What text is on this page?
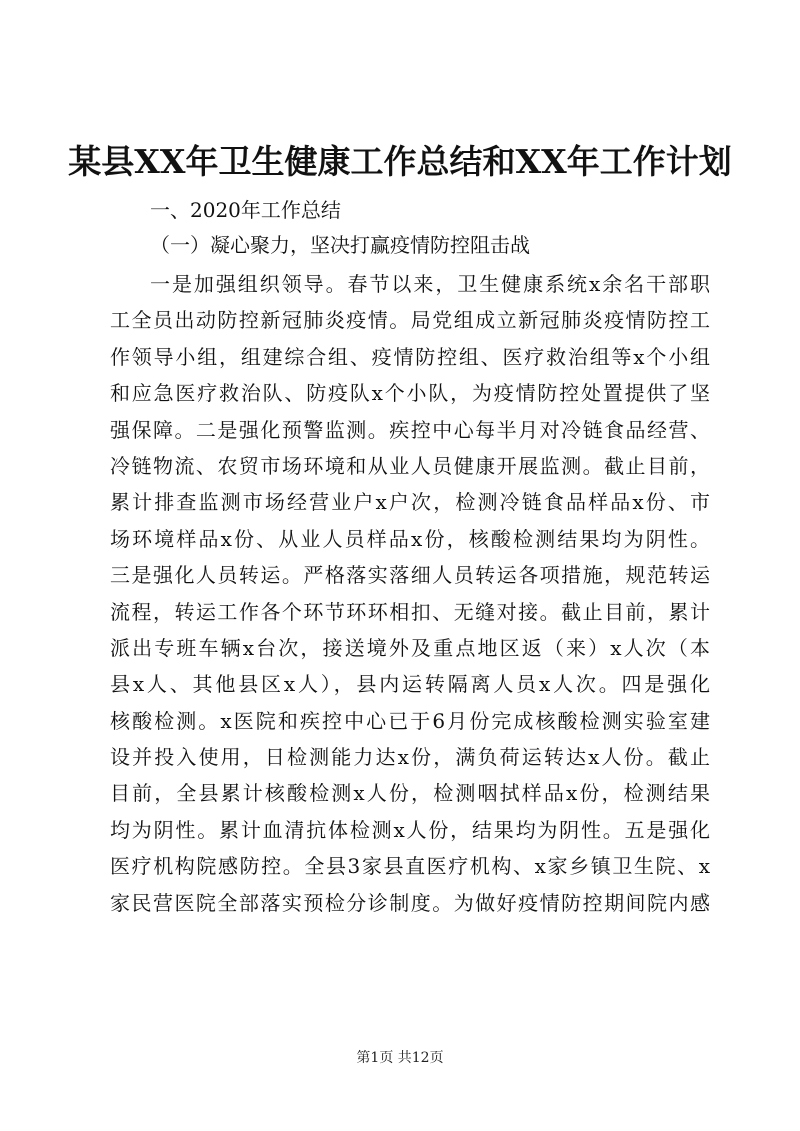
某县XX年卫生健康工作总结和XX年工作计划
一、2020年工作总结
（一）凝心聚力，坚决打赢疫情防控阻击战
一是加强组织领导。春节以来，卫生健康系统x余名干部职
工全员出动防控新冠肺炎疫情。局党组成立新冠肺炎疫情防控工
作领导小组，组建综合组、疫情防控组、医疗救治组等x个小组
和应急医疗救治队、防疫队x个小队，为疫情防控处置提供了坚
强保障。二是强化预警监测。疾控中心每半月对冷链食品经营、
冷链物流、农贸市场环境和从业人员健康开展监测。截止目前，
累计排查监测市场经营业户x户次，检测冷链食品样品x份、市
场环境样品x份、从业人员样品x份，核酸检测结果均为阴性。
三是强化人员转运。严格落实落细人员转运各项措施，规范转运
流程，转运工作各个环节环环相扣、无缝对接。截止目前，累计
派出专班车辆x台次，接送境外及重点地区返（来）x人次（本
县x人、其他县区x人），县内运转隔离人员x人次。四是强化
核酸检测。x医院和疾控中心已于6月份完成核酸检测实验室建
设并投入使用，日检测能力达x份，满负荷运转达x人份。截止
目前，全县累计核酸检测x人份，检测咽拭样品x份，检测结果
均为阴性。累计血清抗体检测x人份，结果均为阴性。五是强化
医疗机构院感防控。全县3家县直医疗机构、x家乡镇卫生院、x
家民营医院全部落实预检分诊制度。为做好疫情防控期间院内感
第1页 共12页
